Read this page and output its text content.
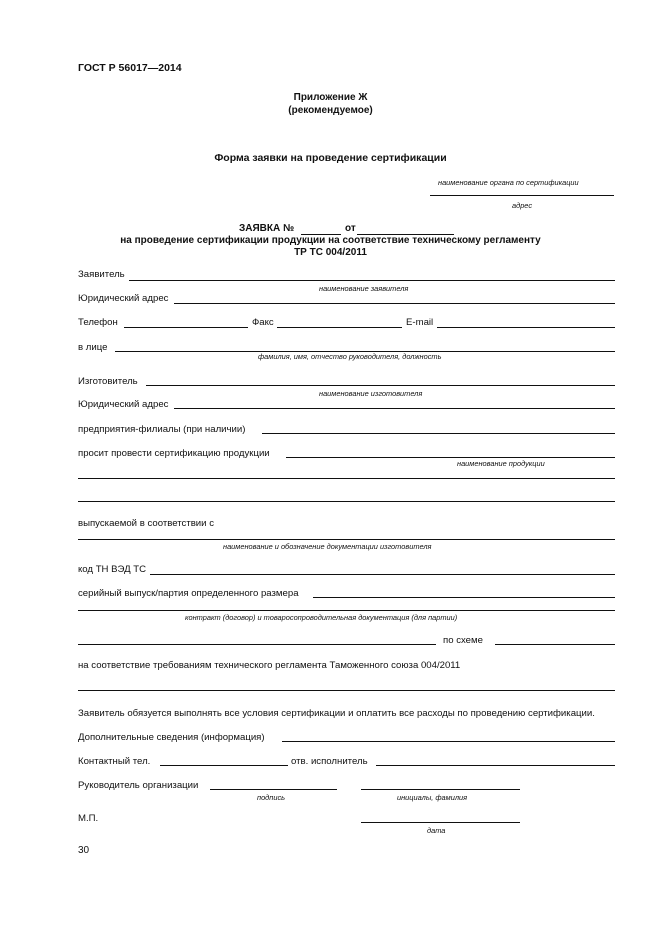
ГОСТ Р 56017—2014
Приложение Ж
(рекомендуемое)
Форма заявки на проведение сертификации
наименование органа по сертификации
адрес
ЗАЯВКА №	от
на проведение сертификации продукции на соответствие техническому регламенту
ТР ТС 004/2011
Заявитель
наименование заявителя
Юридический адрес
Телефон	Факс	E-mail
в лице
фамилия, имя, отчество руководителя, должность
Изготовитель
наименование изготовителя
Юридический адрес
предприятия-филиалы (при наличии)
просит провести сертификацию продукции
наименование продукции
выпускаемой в соответствии с
наименование и обозначение документации изготовителя
код ТН ВЭД ТС
серийный выпуск/партия определенного размера
контракт (договор) и товаросопроводительная документация (для партии)
по схеме
на соответствие требованиям технического регламента Таможенного союза 004/2011
Заявитель обязуется выполнять все условия сертификации и оплатить все расходы по проведению сертификации.
Дополнительные сведения (информация)
Контактный тел.	отв. исполнитель
Руководитель организации
подпись	инициалы, фамилия
М.П.
дата
30
